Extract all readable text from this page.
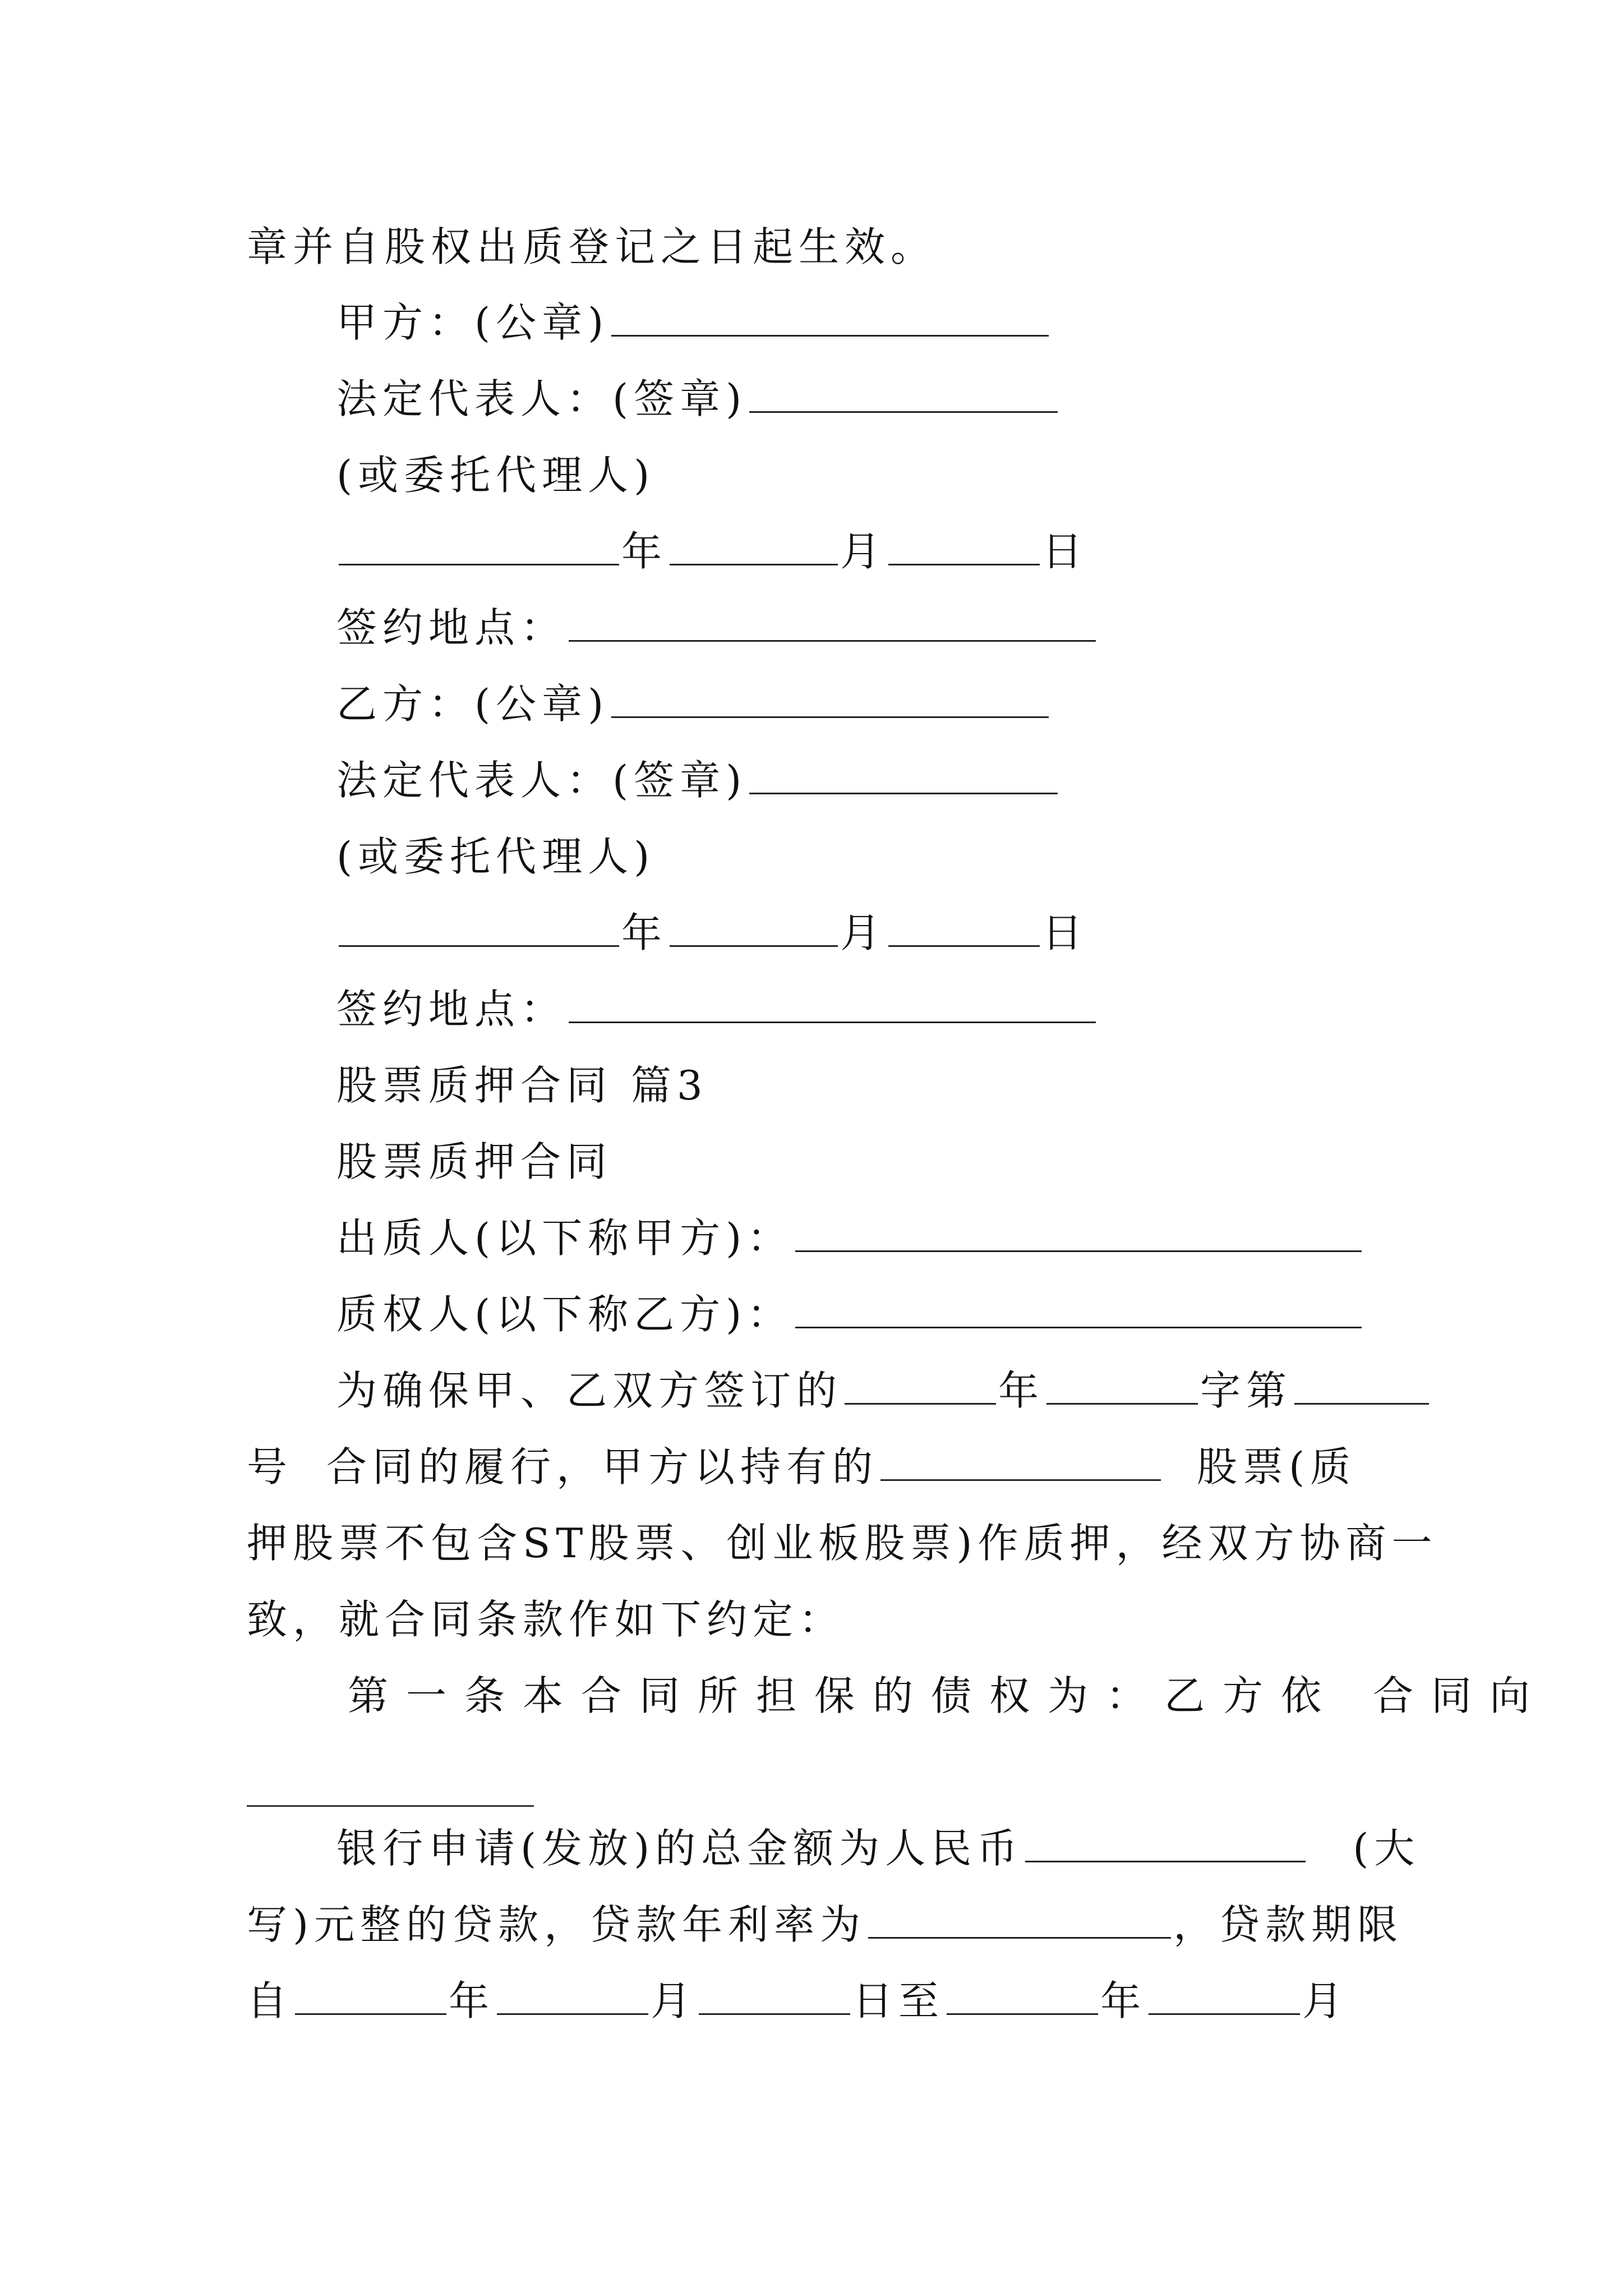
章并自股权出质登记之日起生效。
甲方：(公章)
法定代表人：(签章)
(或委托代理人)
年	月	日
签约地点：
乙方：(公章)
法定代表人：(签章)
(或委托代理人)
年	月	日
签约地点：
股票质押合同 篇3
股票质押合同
出质人(以下称甲方)：
质权人(以下称乙方)：
为确保甲、乙双方签订的	年	字第
号 合同的履行，甲方以持有的	股票(质
押股票不包含ST股票、创业板股票)作质押，经双方协商一
致，就合同条款作如下约定：
第一条本合同所担保的债权为：乙方依 合同向
银行申请(发放)的总金额为人民币	(大
写)元整的贷款，贷款年利率为	，贷款期限
自	年	月	日至	年	月
